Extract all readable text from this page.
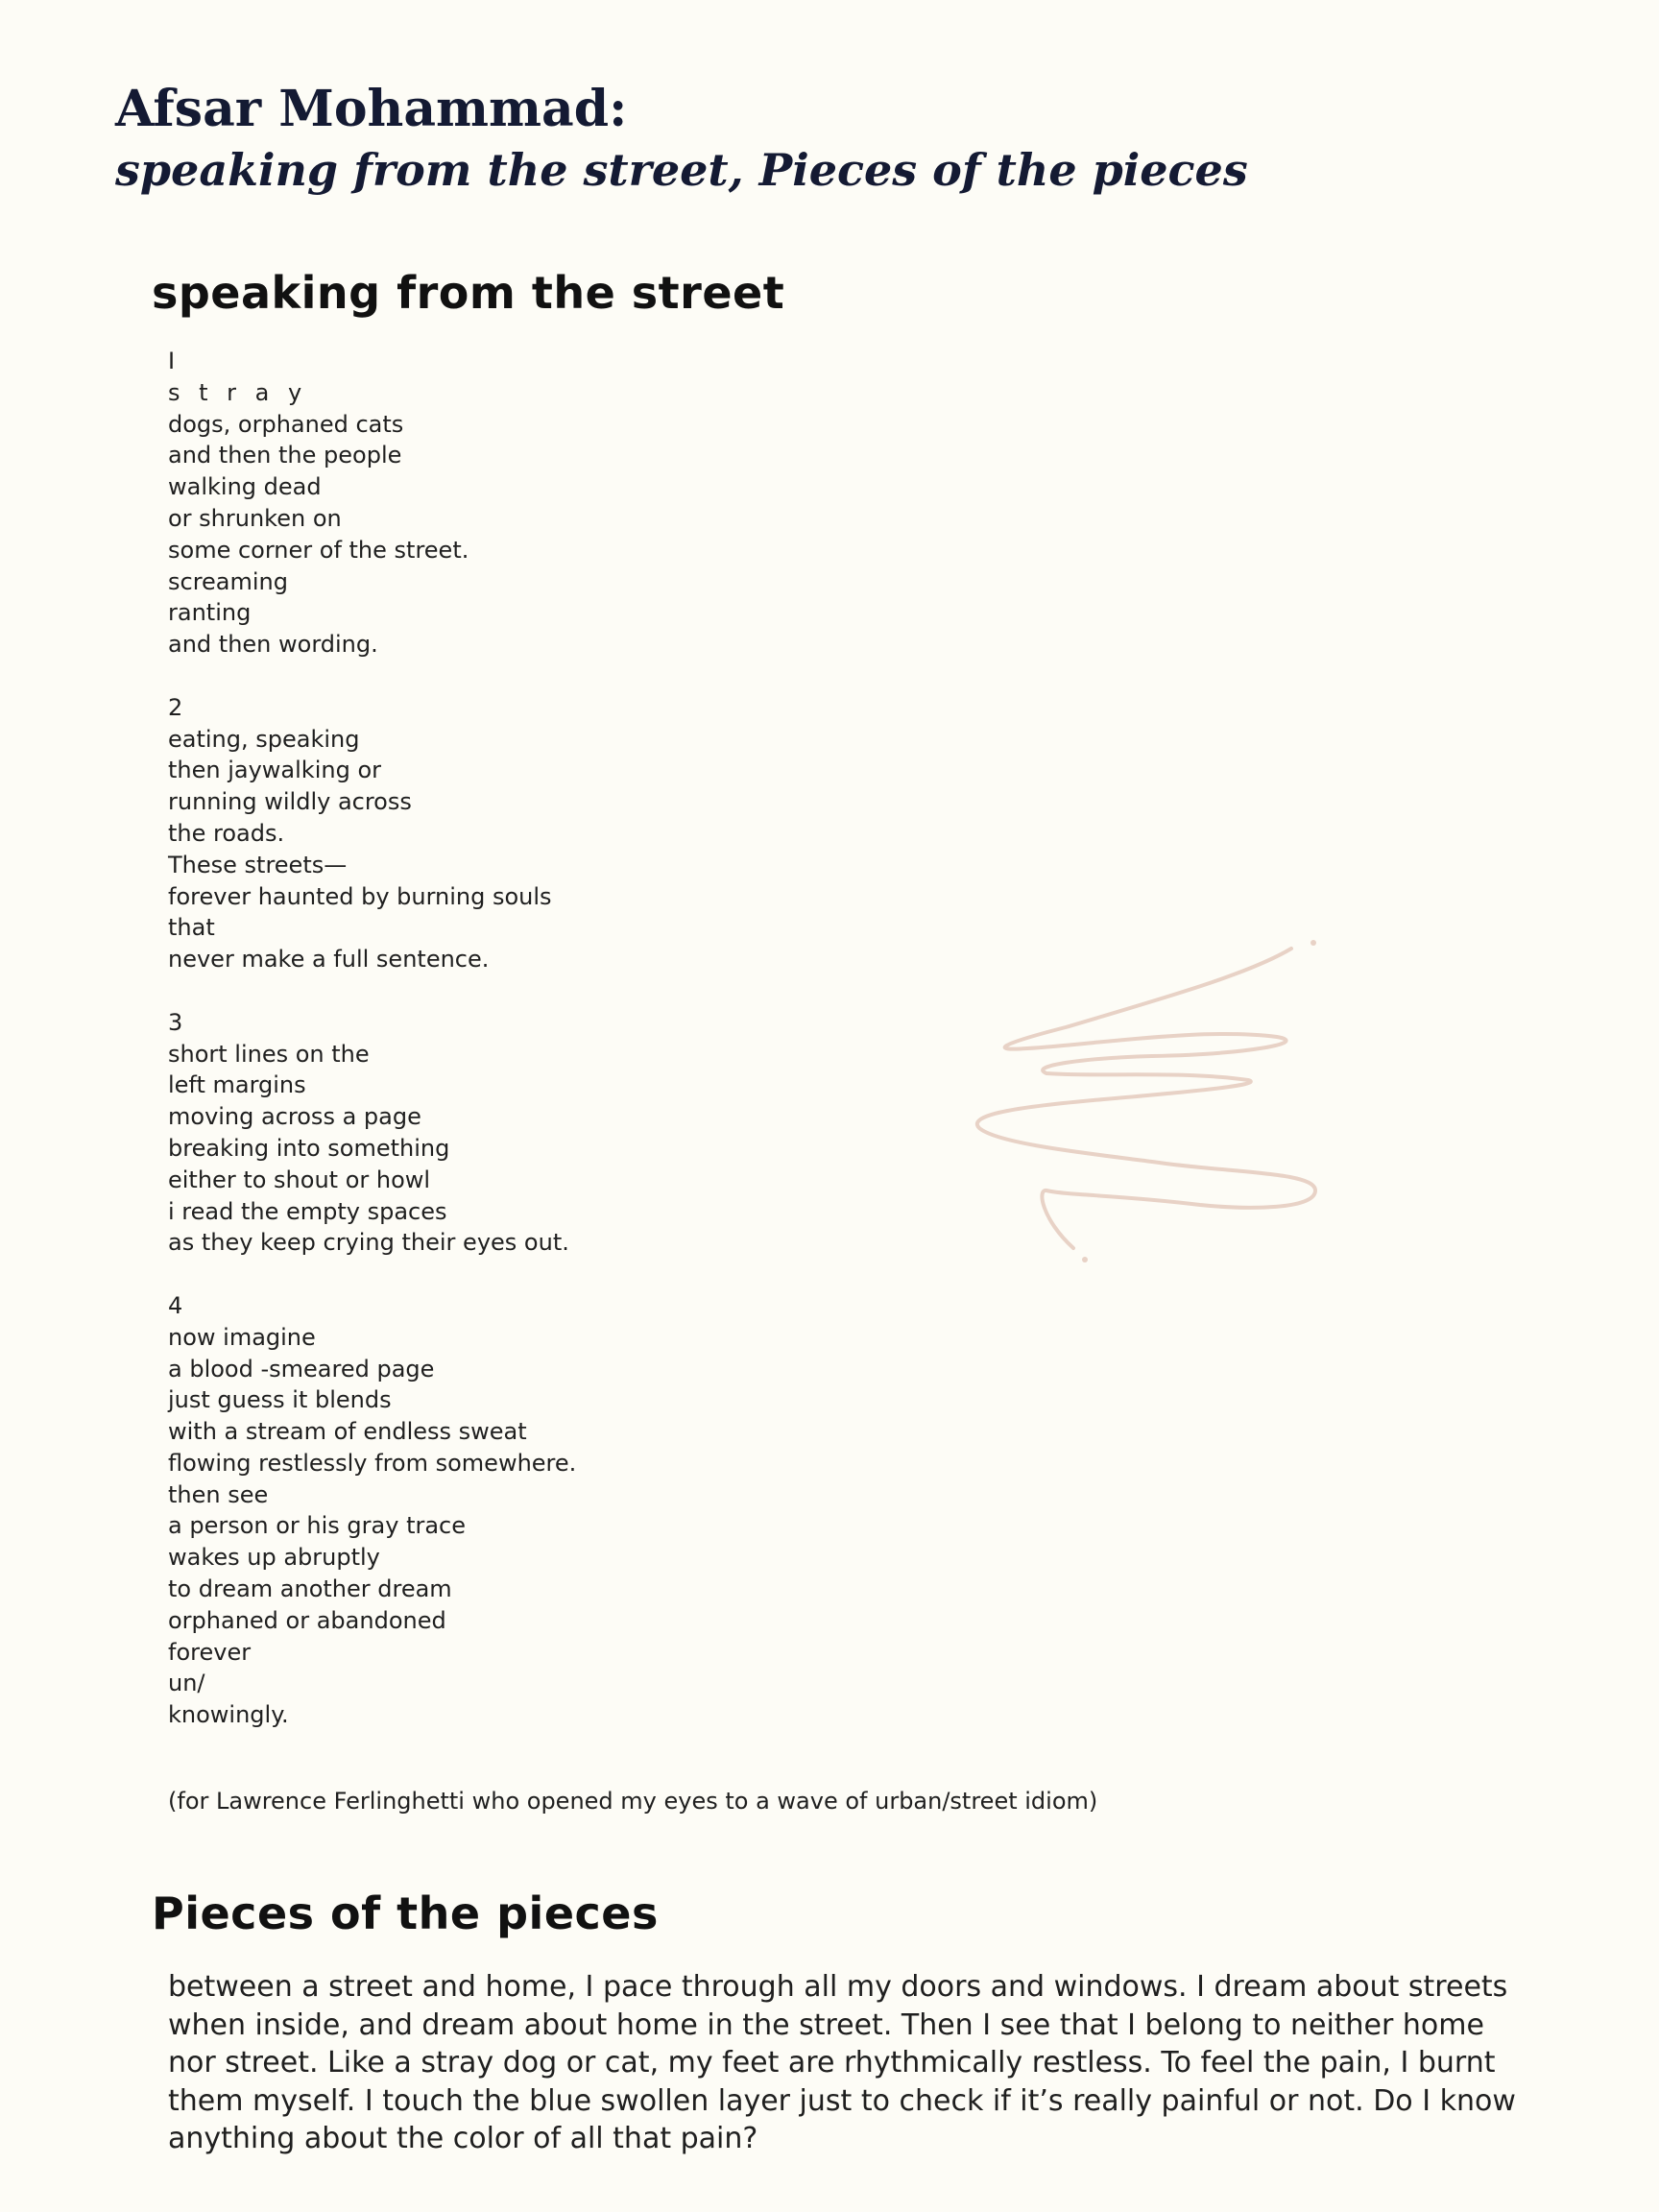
Afsar Mohammad:
speaking from the street, Pieces of the pieces
speaking from the street
I
s t r a y
dogs, orphaned cats
and then the people
walking dead
or shrunken on
some corner of the street.
screaming
ranting
and then wording.
2
eating, speaking
then jaywalking or
running wildly across
the roads.
These streets—
forever haunted by burning souls
that
never make a full sentence.
3
short lines on the
left margins
moving across a page
breaking into something
either to shout or howl
i read the empty spaces
as they keep crying their eyes out.
4
now imagine
a blood -smeared page
just guess it blends
with a stream of endless sweat
flowing restlessly from somewhere.
then see
a person or his gray trace
wakes up abruptly
to dream another dream
orphaned or abandoned
forever
un/
knowingly.

(for Lawrence Ferlinghetti who opened my eyes to a wave of urban/street idiom)

Pieces of the pieces

between a street and home, I pace through all my doors and windows. I dream about streets when inside, and dream about home in the street. Then I see that I belong to neither home nor street. Like a stray dog or cat, my feet are rhythmically restless. To feel the pain, I burnt them myself. I touch the blue swollen layer just to check if it’s really painful or not. Do I know anything about the color of all that pain?
